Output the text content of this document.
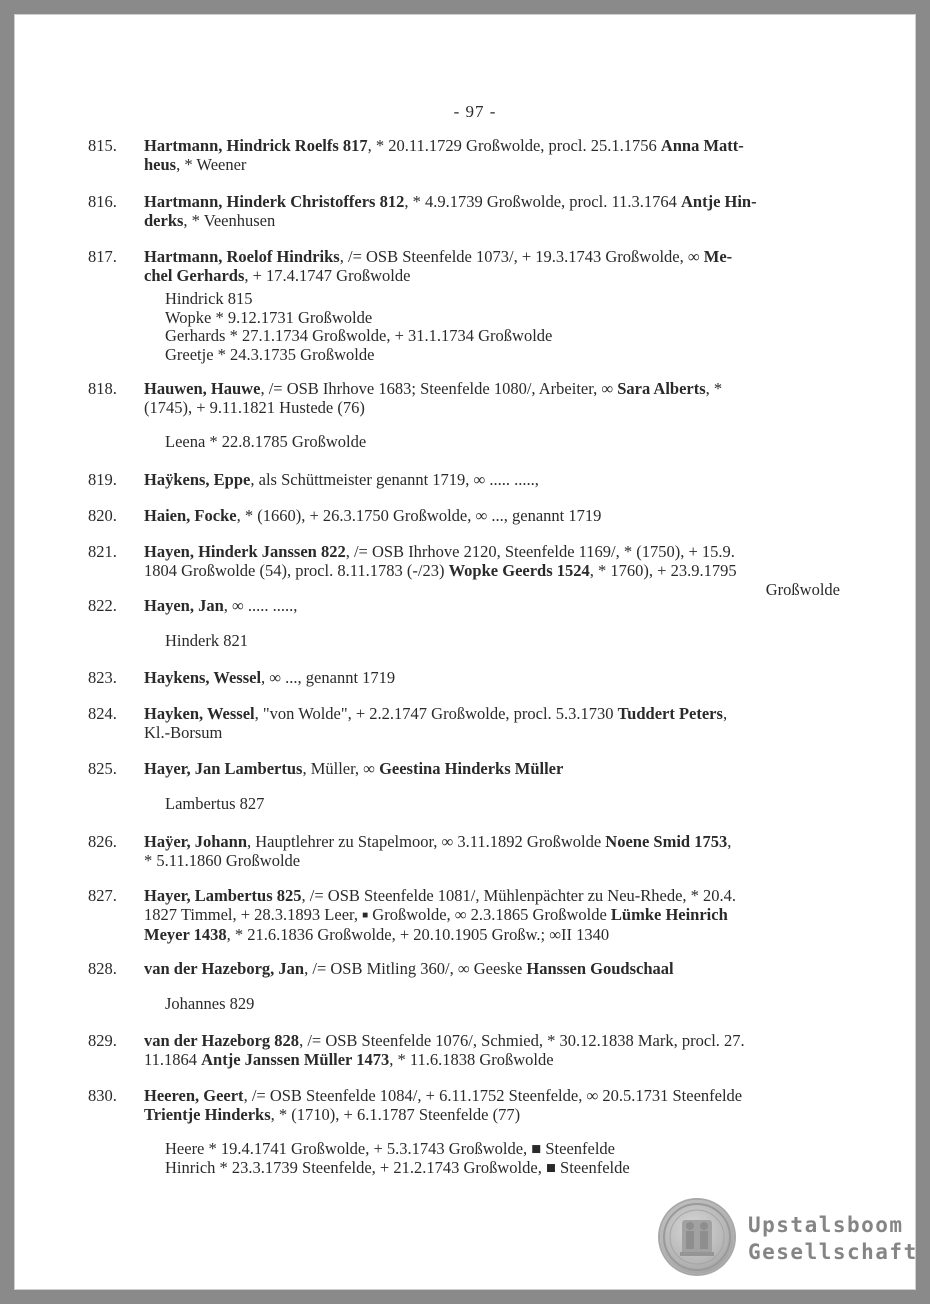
- 97 -
815.	Hartmann, Hindrick Roelfs 817, * 20.11.1729 Großwolde, procl. 25.1.1756 Anna Matt-
heus, * Weener
816.	Hartmann, Hinderk Christoffers 812, * 4.9.1739 Großwolde, procl. 11.3.1764 Antje Hin-
derks, * Veenhusen
817.	Hartmann, Roelof Hindriks, /= OSB Steenfelde 1073/, + 19.3.1743 Großwolde, ∞ Me-
chel Gerhards, + 17.4.1747 Großwolde
Hindrick 815
Wopke * 9.12.1731 Großwolde
Gerhards * 27.1.1734 Großwolde, + 31.1.1734 Großwolde
Greetje * 24.3.1735 Großwolde
818.	Hauwen, Hauwe, /= OSB Ihrhove 1683; Steenfelde 1080/, Arbeiter, ∞ Sara Alberts, *
(1745), + 9.11.1821 Hustede (76)
Leena * 22.8.1785 Großwolde
819.	Haÿkens, Eppe, als Schüttmeister genannt 1719, ∞ ..... .....,
820.	Haien, Focke, * (1660), + 26.3.1750 Großwolde, ∞ ..., genannt 1719
821.	Hayen, Hinderk Janssen 822, /= OSB Ihrhove 2120, Steenfelde 1169/, * (1750), + 15.9.
1804 Großwolde (54), procl. 8.11.1783 (-/23) Wopke Geerds 1524, * 1760), + 23.9.1795
Großwolde
822.	Hayen, Jan, ∞ ..... .....,
Hinderk 821
823.	Haykens, Wessel, ∞ ..., genannt 1719
824.	Hayken, Wessel, "von Wolde", + 2.2.1747 Großwolde, procl. 5.3.1730 Tuddert Peters,
Kl.-Borsum
825.	Hayer, Jan Lambertus, Müller, ∞ Geestina Hinderks Müller
Lambertus 827
826.	Haÿer, Johann, Hauptlehrer zu Stapelmoor, ∞ 3.11.1892 Großwolde Noene Smid 1753,
* 5.11.1860 Großwolde
827.	Hayer, Lambertus 825, /= OSB Steenfelde 1081/, Mühlenpächter zu Neu-Rhede, * 20.4.
1827 Timmel, + 28.3.1893 Leer, ■ Großwolde, ∞ 2.3.1865 Großwolde Lümke Heinrich
Meyer 1438, * 21.6.1836 Großwolde, + 20.10.1905 Großw.; ∞II 1340
828.	van der Hazeborg, Jan, /= OSB Mitling 360/, ∞ Geeske Hanssen Goudschaal
Johannes 829
829.	van der Hazeborg 828, /= OSB Steenfelde 1076/, Schmied, * 30.12.1838 Mark, procl. 27.
11.1864 Antje Janssen Müller 1473, * 11.6.1838 Großwolde
830.	Heeren, Geert, /= OSB Steenfelde 1084/, + 6.11.1752 Steenfelde, ∞ 20.5.1731 Steenfelde
Trientje Hinderks, * (1710), + 6.1.1787 Steenfelde (77)
Heere * 19.4.1741 Großwolde, + 5.3.1743 Großwolde, ■ Steenfelde
Hinrich * 23.3.1739 Steenfelde, + 21.2.1743 Großwolde, ■ Steenfelde
Upstalsboom
Gesellschaft
